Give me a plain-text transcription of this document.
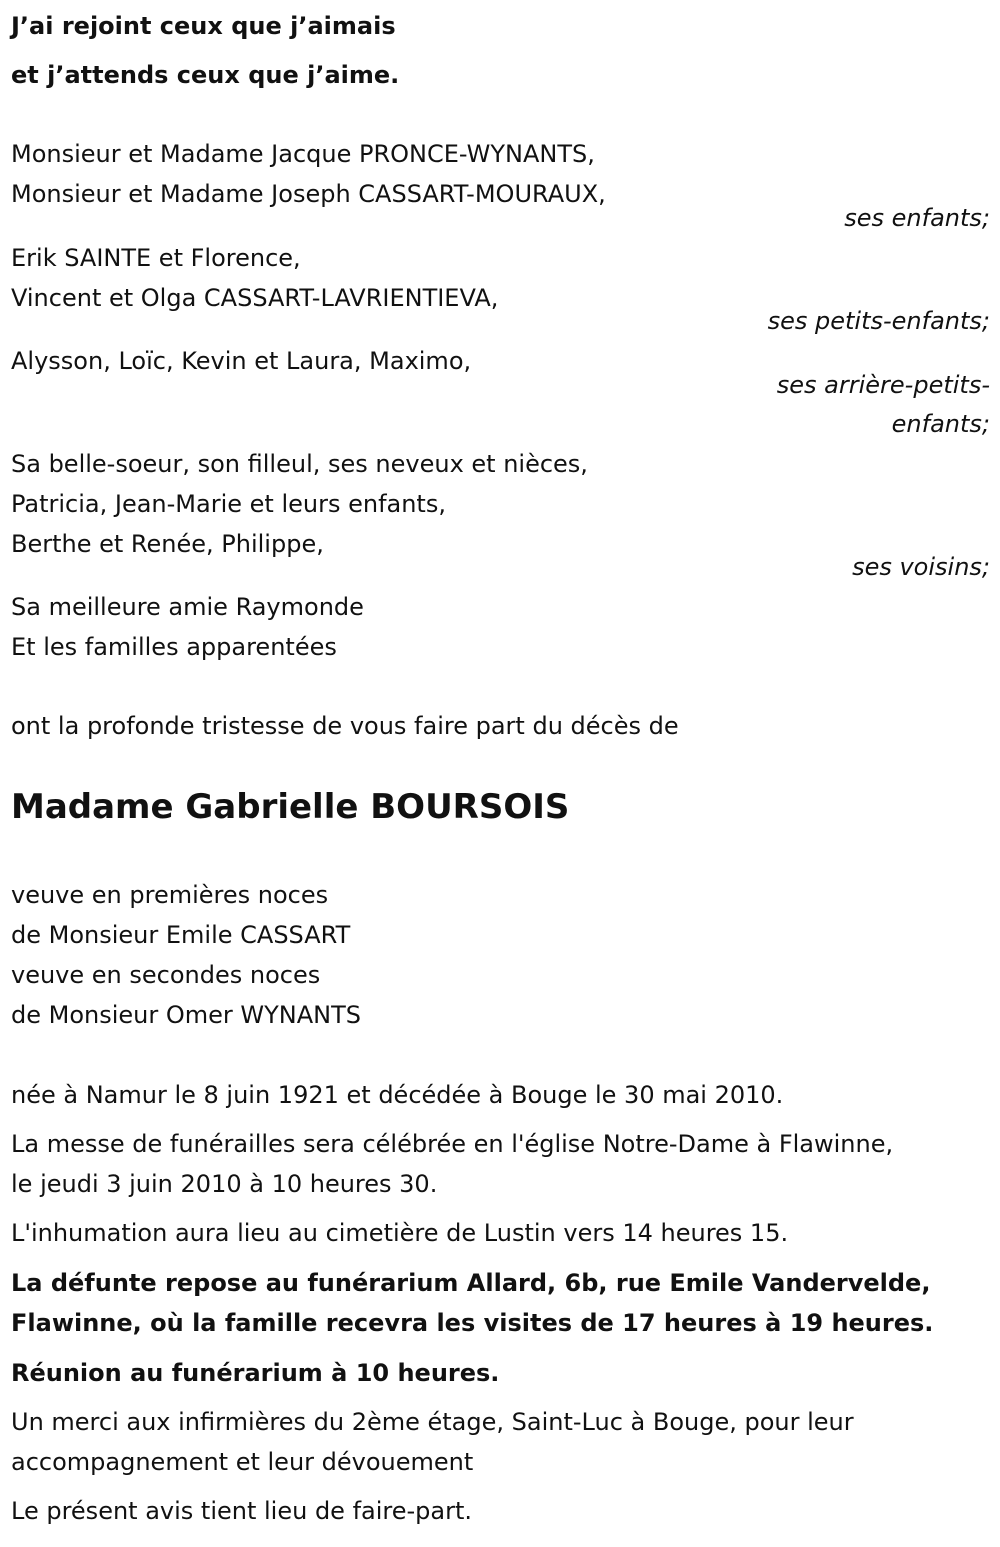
J’ai rejoint ceux que j’aimais
et j’attends ceux que j’aime.
Monsieur et Madame Jacque PRONCE-WYNANTS,
Monsieur et Madame Joseph CASSART-MOURAUX,
ses enfants;
Erik SAINTE et Florence,
Vincent et Olga CASSART-LAVRIENTIEVA,
ses petits-enfants;
Alysson, Loïc, Kevin et Laura, Maximo,
ses arrière-petits-
enfants;
Sa belle-soeur, son filleul, ses neveux et nièces,
Patricia, Jean-Marie et leurs enfants,
Berthe et Renée, Philippe,
ses voisins;
Sa meilleure amie Raymonde
Et les familles apparentées
ont la profonde tristesse de vous faire part du décès de
Madame Gabrielle BOURSOIS
veuve en premières noces
de Monsieur Emile CASSART
veuve en secondes noces
de Monsieur Omer WYNANTS
née à Namur le 8 juin 1921 et décédée à Bouge le 30 mai 2010.
La messe de funérailles sera célébrée en l'église Notre-Dame à Flawinne,
le jeudi 3 juin 2010 à 10 heures 30.
L'inhumation aura lieu au cimetière de Lustin vers 14 heures 15.
La défunte repose au funérarium Allard, 6b, rue Emile Vandervelde,
Flawinne, où la famille recevra les visites de 17 heures à 19 heures.
Réunion au funérarium à 10 heures.
Un merci aux infirmières du 2ème étage, Saint-Luc à Bouge, pour leur
accompagnement et leur dévouement
Le présent avis tient lieu de faire-part.
